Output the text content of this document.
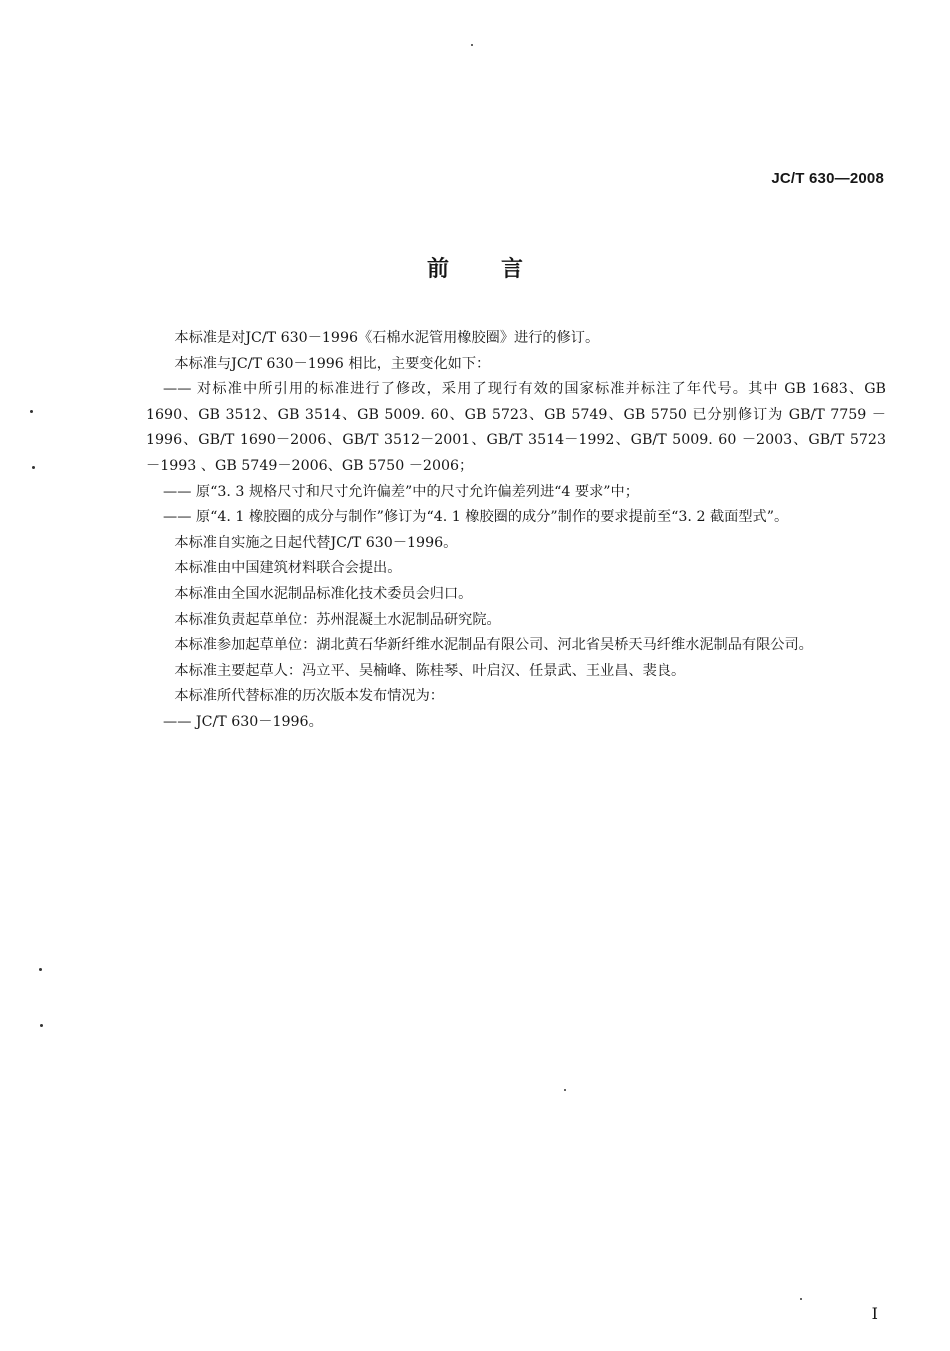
JC/T 630—2008
前言

本标准是对JC/T 630－1996《石棉水泥管用橡胶圈》进行的修订。

本标准与JC/T 630－1996 相比，主要变化如下：

—— 对标准中所引用的标准进行了修改，采用了现行有效的国家标准并标注了年代号。其中 GB 1683、GB 1690、GB 3512、GB 3514、GB 5009. 60、GB 5723、GB 5749、GB 5750 已分别修订为 GB/T 7759 －1996、GB/T 1690－2006、GB/T 3512－2001、GB/T 3514－1992、GB/T 5009. 60 －2003、GB/T 5723 －1993 、GB 5749－2006、GB 5750 －2006；

—— 原“3. 3 规格尺寸和尺寸允许偏差”中的尺寸允许偏差列进“4 要求”中；

—— 原“4. 1 橡胶圈的成分与制作”修订为“4. 1 橡胶圈的成分”制作的要求提前至“3. 2 截面型式”。

本标准自实施之日起代替JC/T 630－1996。

本标准由中国建筑材料联合会提出。

本标准由全国水泥制品标准化技术委员会归口。

本标准负责起草单位：苏州混凝土水泥制品研究院。

本标准参加起草单位：湖北黄石华新纤维水泥制品有限公司、河北省吴桥天马纤维水泥制品有限公司。

本标准主要起草人：冯立平、吴楠峰、陈桂琴、叶启汉、任景武、王业昌、裴良。

本标准所代替标准的历次版本发布情况为：

—— JC/T 630－1996。

I
